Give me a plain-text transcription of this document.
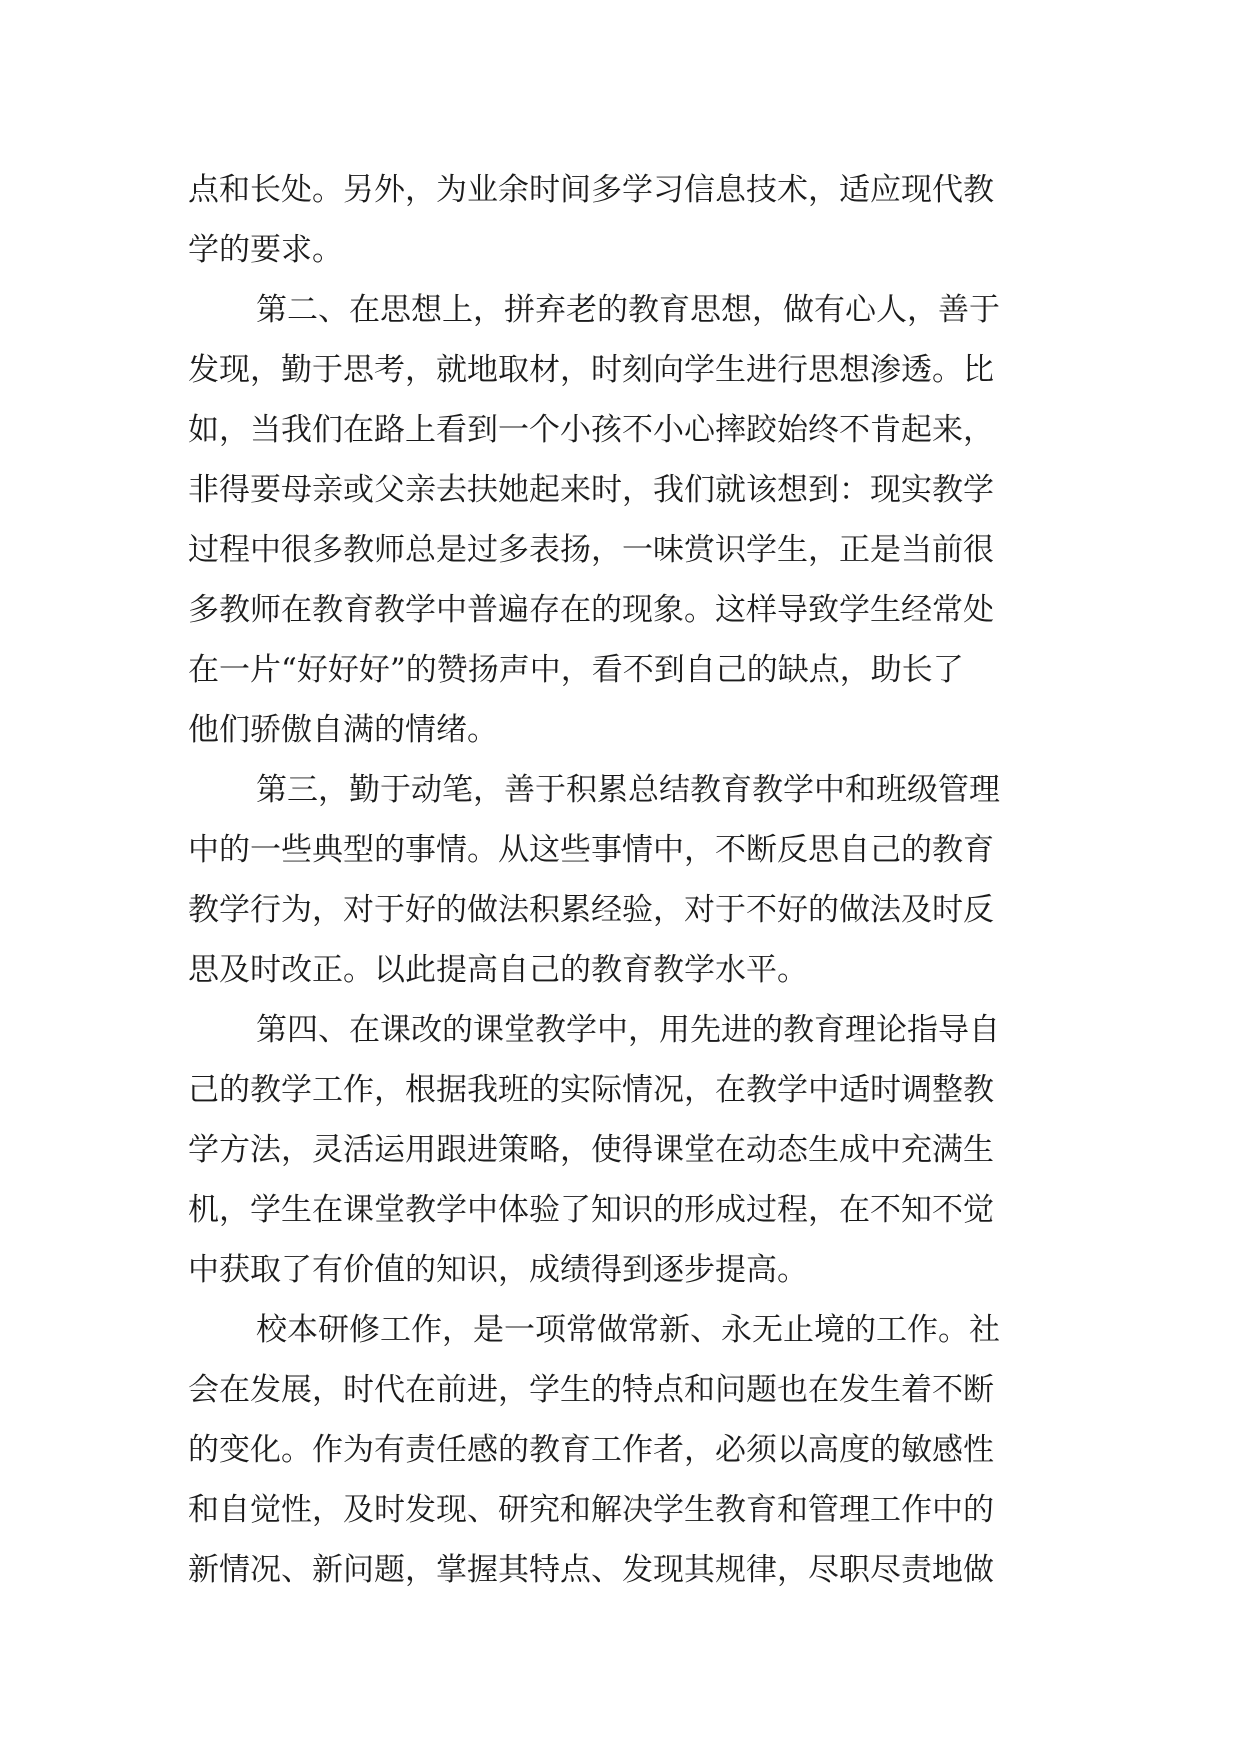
点和长处。另外，为业余时间多学习信息技术，适应现代教
学的要求。
第二、在思想上，拼弃老的教育思想，做有心人，善于
发现，勤于思考，就地取材，时刻向学生进行思想渗透。比
如，当我们在路上看到一个小孩不小心摔跤始终不肯起来，
非得要母亲或父亲去扶她起来时，我们就该想到：现实教学
过程中很多教师总是过多表扬，一味赏识学生，正是当前很
多教师在教育教学中普遍存在的现象。这样导致学生经常处
在一片“好好好”的赞扬声中，看不到自己的缺点，助长了
他们骄傲自满的情绪。
第三，勤于动笔，善于积累总结教育教学中和班级管理
中的一些典型的事情。从这些事情中，不断反思自己的教育
教学行为，对于好的做法积累经验，对于不好的做法及时反
思及时改正。以此提高自己的教育教学水平。
第四、在课改的课堂教学中，用先进的教育理论指导自
己的教学工作，根据我班的实际情况，在教学中适时调整教
学方法，灵活运用跟进策略，使得课堂在动态生成中充满生
机，学生在课堂教学中体验了知识的形成过程，在不知不觉
中获取了有价值的知识，成绩得到逐步提高。
校本研修工作，是一项常做常新、永无止境的工作。社
会在发展，时代在前进，学生的特点和问题也在发生着不断
的变化。作为有责任感的教育工作者，必须以高度的敏感性
和自觉性，及时发现、研究和解决学生教育和管理工作中的
新情况、新问题，掌握其特点、发现其规律，尽职尽责地做
